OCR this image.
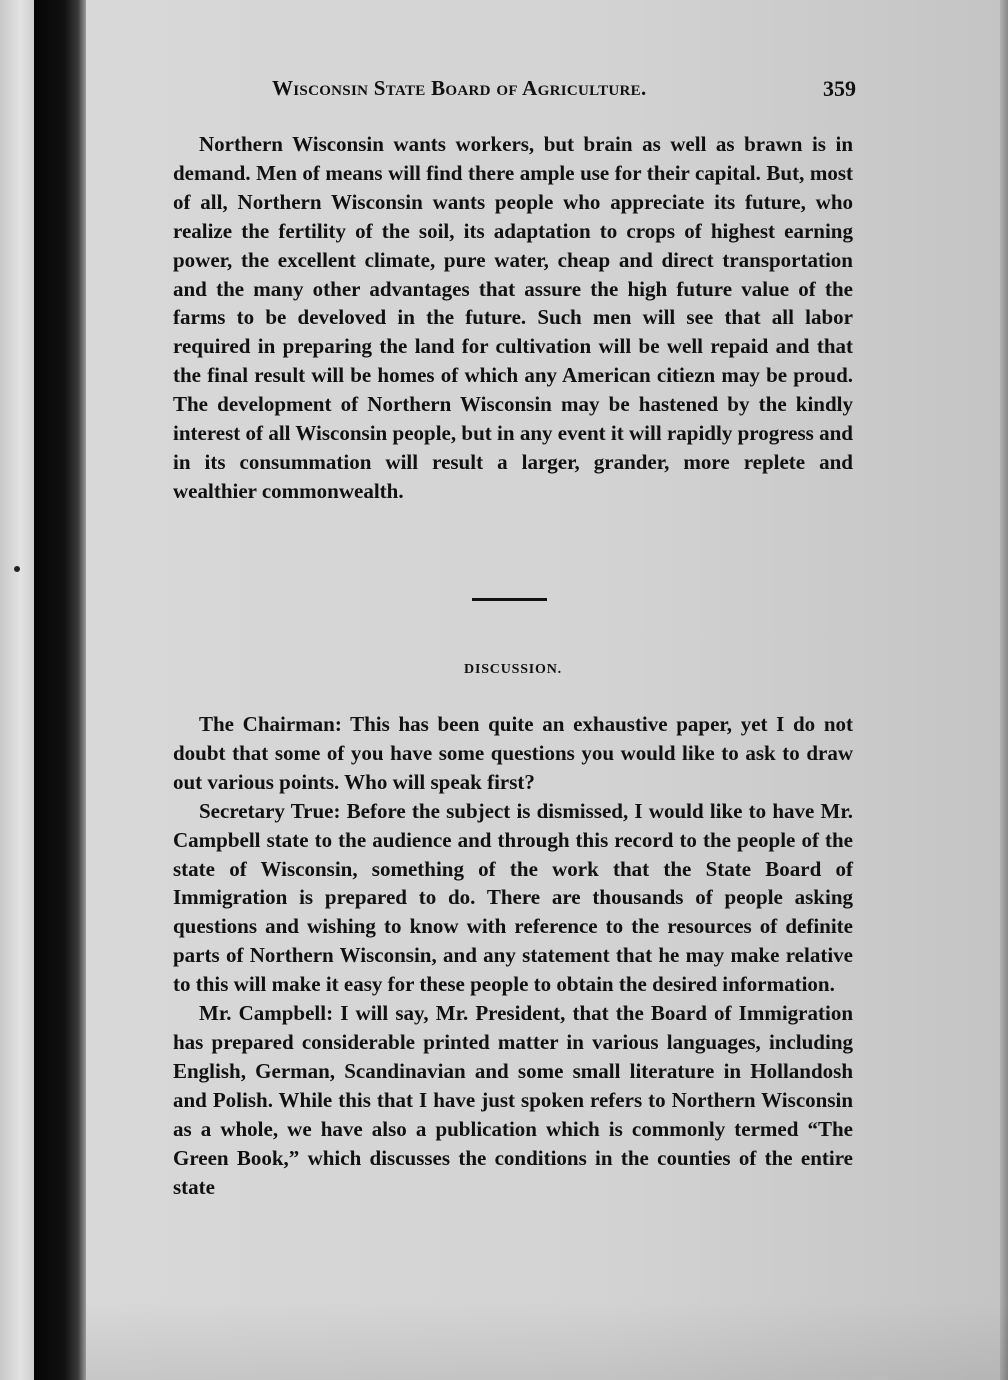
Wisconsin State Board of Agriculture.	359

Northern Wisconsin wants workers, but brain as well as brawn is in demand. Men of means will find there ample use for their capital. But, most of all, Northern Wisconsin wants people who appreciate its future, who realize the fertility of the soil, its adaptation to crops of highest earning power, the excellent climate, pure water, cheap and direct transportation and the many other advantages that assure the high future value of the farms to be develoved in the future. Such men will see that all labor required in preparing the land for cultivation will be well repaid and that the final result will be homes of which any American citiezn may be proud. The development of Northern Wisconsin may be hastened by the kindly interest of all Wisconsin people, but in any event it will rapidly progress and in its consummation will result a larger, grander, more replete and wealthier commonwealth.

DISCUSSION.

The Chairman: This has been quite an exhaustive paper, yet I do not doubt that some of you have some questions you would like to ask to draw out various points. Who will speak first?

Secretary True: Before the subject is dismissed, I would like to have Mr. Campbell state to the audience and through this record to the people of the state of Wisconsin, something of the work that the State Board of Immigration is prepared to do. There are thousands of people asking questions and wishing to know with reference to the resources of definite parts of Northern Wisconsin, and any statement that he may make relative to this will make it easy for these people to obtain the desired information.

Mr. Campbell: I will say, Mr. President, that the Board of Immigration has prepared considerable printed matter in various languages, including English, German, Scandinavian and some small literature in Hollandosh and Polish. While this that I have just spoken refers to Northern Wisconsin as a whole, we have also a publication which is commonly termed “The Green Book,” which discusses the conditions in the counties of the entire state
